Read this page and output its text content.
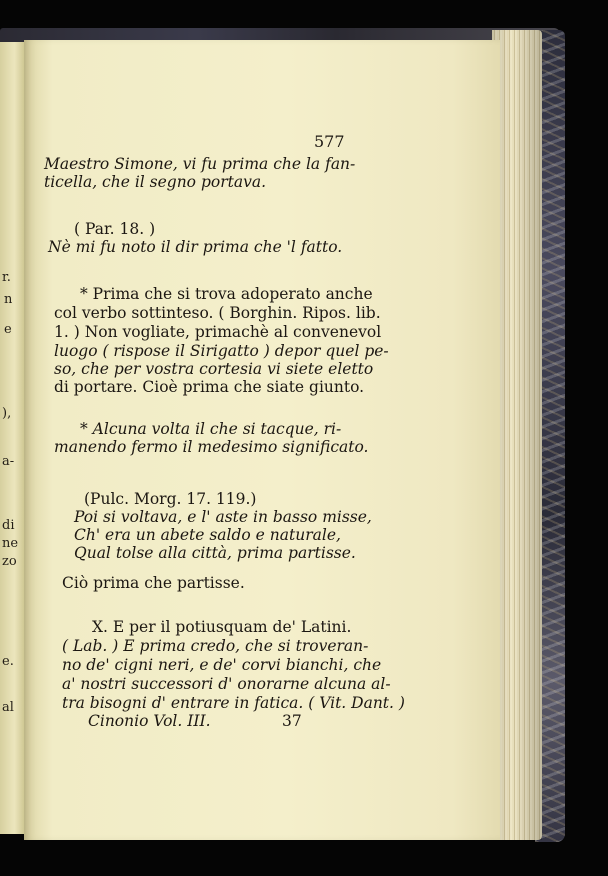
r.
n
e
),
a-
di
ne
zo
e.
al
577
Maestro Simone, vi fu prima che la fan-
ticella, che il segno portava.
( Par. 18. )
Nè mi fu noto il dir prima che 'l fatto.
* Prima che si trova adoperato anche
col verbo sottinteso. ( Borghin. Ripos. lib.
1. ) Non vogliate, primachè al convenevol
luogo ( rispose il Sirigatto ) depor quel pe-
so, che per vostra cortesia vi siete eletto
di portare. Cioè prima che siate giunto.
* Alcuna volta il che si tacque, ri-
manendo fermo il medesimo significato.
(Pulc. Morg. 17. 119.)
Poi si voltava, e l' aste in basso misse,
Ch' era un abete saldo e naturale,
Qual tolse alla città, prima partisse.
Ciò prima che partisse.
X. E per il potiusquam de' Latini.
( Lab. ) E prima credo, che si troveran-
no de' cigni neri, e de' corvi bianchi, che
a' nostri successori d' onorarne alcuna al-
tra bisogni d' entrare in fatica. ( Vit. Dant. )
Cinonio Vol. III.	37
